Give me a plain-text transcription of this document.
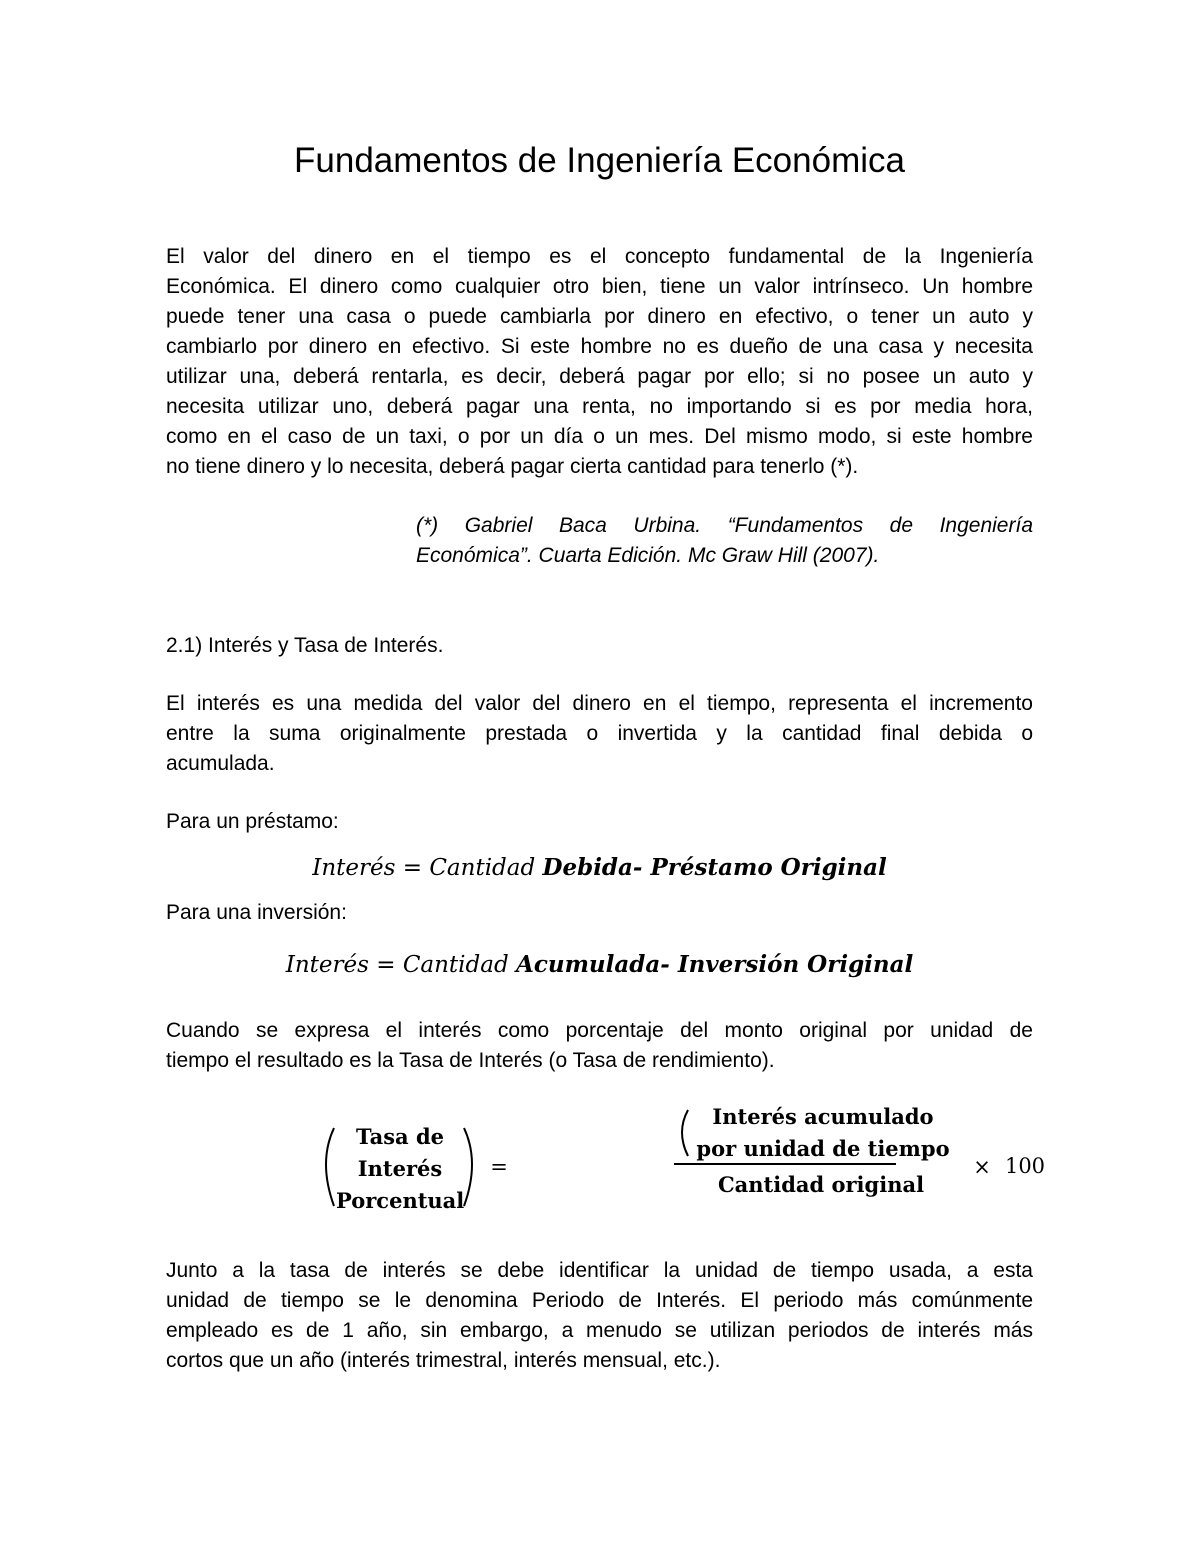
Fundamentos de Ingeniería Económica

El valor del dinero en el tiempo es el concepto fundamental de la Ingeniería
Económica. El dinero como cualquier otro bien, tiene un valor intrínseco. Un hombre
puede tener una casa o puede cambiarla por dinero en efectivo, o tener un auto y
cambiarlo por dinero en efectivo. Si este hombre no es dueño de una casa y necesita
utilizar una, deberá rentarla, es decir, deberá pagar por ello; si no posee un auto y
necesita utilizar uno, deberá pagar una renta, no importando si es por media hora,
como en el caso de un taxi, o por un día o un mes. Del mismo modo, si este hombre
no tiene dinero y lo necesita, deberá pagar cierta cantidad para tenerlo (*).

(*) Gabriel Baca Urbina. “Fundamentos de Ingeniería
Económica”. Cuarta Edición. Mc Graw Hill (2007).

2.1) Interés y Tasa de Interés.

El interés es una medida del valor del dinero en el tiempo, representa el incremento
entre la suma originalmente prestada o invertida y la cantidad final debida o
acumulada.

Para un préstamo:

Interés = Cantidad Debida- Préstamo Original

Para una inversión:

Interés = Cantidad Acumulada- Inversión Original

Cuando se expresa el interés como porcentaje del monto original por unidad de
tiempo el resultado es la Tasa de Interés (o Tasa de rendimiento).

Tasa de
Interés
Porcentual
=
Interés acumulado
por unidad de tiempo
Cantidad original
× 100

Junto a la tasa de interés se debe identificar la unidad de tiempo usada, a esta
unidad de tiempo se le denomina Periodo de Interés. El periodo más comúnmente
empleado es de 1 año, sin embargo, a menudo se utilizan periodos de interés más
cortos que un año (interés trimestral, interés mensual, etc.).
